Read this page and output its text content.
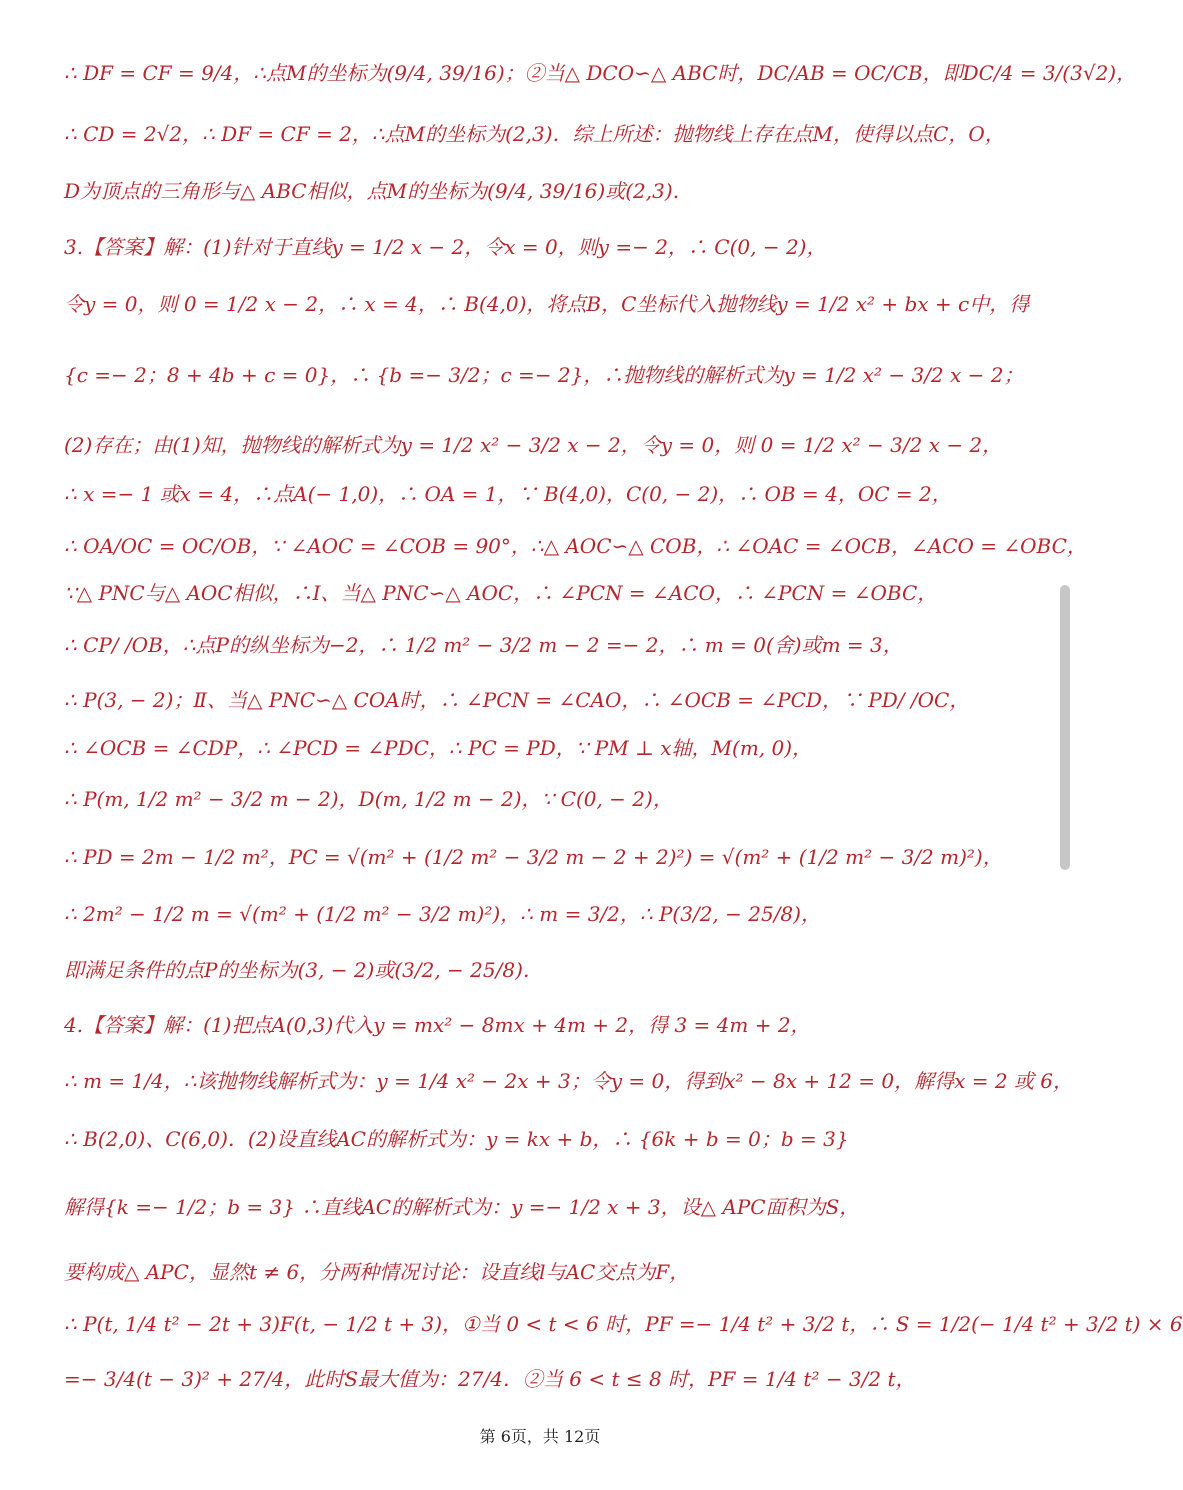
∴ DF = CF = 9/4，∴点M的坐标为(9/4, 39/16)；②当△ DCO∽△ ABC时，DC/AB = OC/CB，即DC/4 = 3/(3√2)，
∴ CD = 2√2，∴ DF = CF = 2，∴点M的坐标为(2,3)．综上所述：抛物线上存在点M，使得以点C，O，
D为顶点的三角形与△ ABC相似，点M的坐标为(9/4, 39/16)或(2,3)．
3.【答案】解：(1)针对于直线y = 1/2 x − 2，令x = 0，则y =− 2，∴ C(0, − 2)，
令y = 0，则 0 = 1/2 x − 2，∴ x = 4，∴ B(4,0)，将点B，C坐标代入抛物线y = 1/2 x² + bx + c中，得
{c =− 2；8 + 4b + c = 0}，∴ {b =− 3/2；c =− 2}，∴抛物线的解析式为y = 1/2 x² − 3/2 x − 2；
(2)存在；由(1)知，抛物线的解析式为y = 1/2 x² − 3/2 x − 2，令y = 0，则 0 = 1/2 x² − 3/2 x − 2，
∴ x =− 1 或x = 4，∴点A(− 1,0)，∴ OA = 1，∵ B(4,0)，C(0, − 2)，∴ OB = 4，OC = 2，
∴ OA/OC = OC/OB，∵ ∠AOC = ∠COB = 90°，∴△ AOC∽△ COB，∴ ∠OAC = ∠OCB，∠ACO = ∠OBC，
∵△ PNC与△ AOC相似，∴Ⅰ、当△ PNC∽△ AOC，∴ ∠PCN = ∠ACO，∴ ∠PCN = ∠OBC，
∴ CP/ /OB，∴点P的纵坐标为−2，∴ 1/2 m² − 3/2 m − 2 =− 2，∴ m = 0(舍)或m = 3，
∴ P(3, − 2)；Ⅱ、当△ PNC∽△ COA时，∴ ∠PCN = ∠CAO，∴ ∠OCB = ∠PCD，∵ PD/ /OC，
∴ ∠OCB = ∠CDP，∴ ∠PCD = ∠PDC，∴ PC = PD，∵ PM ⊥ x轴，M(m, 0)，
∴ P(m, 1/2 m² − 3/2 m − 2)，D(m, 1/2 m − 2)，∵ C(0, − 2)，
∴ PD = 2m − 1/2 m²，PC = √(m² + (1/2 m² − 3/2 m − 2 + 2)²) = √(m² + (1/2 m² − 3/2 m)²)，
∴ 2m² − 1/2 m = √(m² + (1/2 m² − 3/2 m)²)，∴ m = 3/2，∴ P(3/2, − 25/8)，
即满足条件的点P的坐标为(3, − 2)或(3/2, − 25/8)．
4.【答案】解：(1)把点A(0,3)代入y = mx² − 8mx + 4m + 2，得 3 = 4m + 2，
∴ m = 1/4，∴该抛物线解析式为：y = 1/4 x² − 2x + 3；令y = 0，得到x² − 8x + 12 = 0，解得x = 2 或 6，
∴ B(2,0)、C(6,0)．(2)设直线AC的解析式为：y = kx + b，∴ {6k + b = 0；b = 3}
解得{k =− 1/2；b = 3} ∴直线AC的解析式为：y =− 1/2 x + 3，设△ APC面积为S，
要构成△ APC，显然t ≠ 6，分两种情况讨论：设直线l与AC交点为F，
∴ P(t, 1/4 t² − 2t + 3)F(t, − 1/2 t + 3)，①当 0 < t < 6 时，PF =− 1/4 t² + 3/2 t，∴ S = 1/2(− 1/4 t² + 3/2 t) × 6
=− 3/4(t − 3)² + 27/4，此时S最大值为：27/4．②当 6 < t ≤ 8 时，PF = 1/4 t² − 3/2 t，
第 6页，共 12页
